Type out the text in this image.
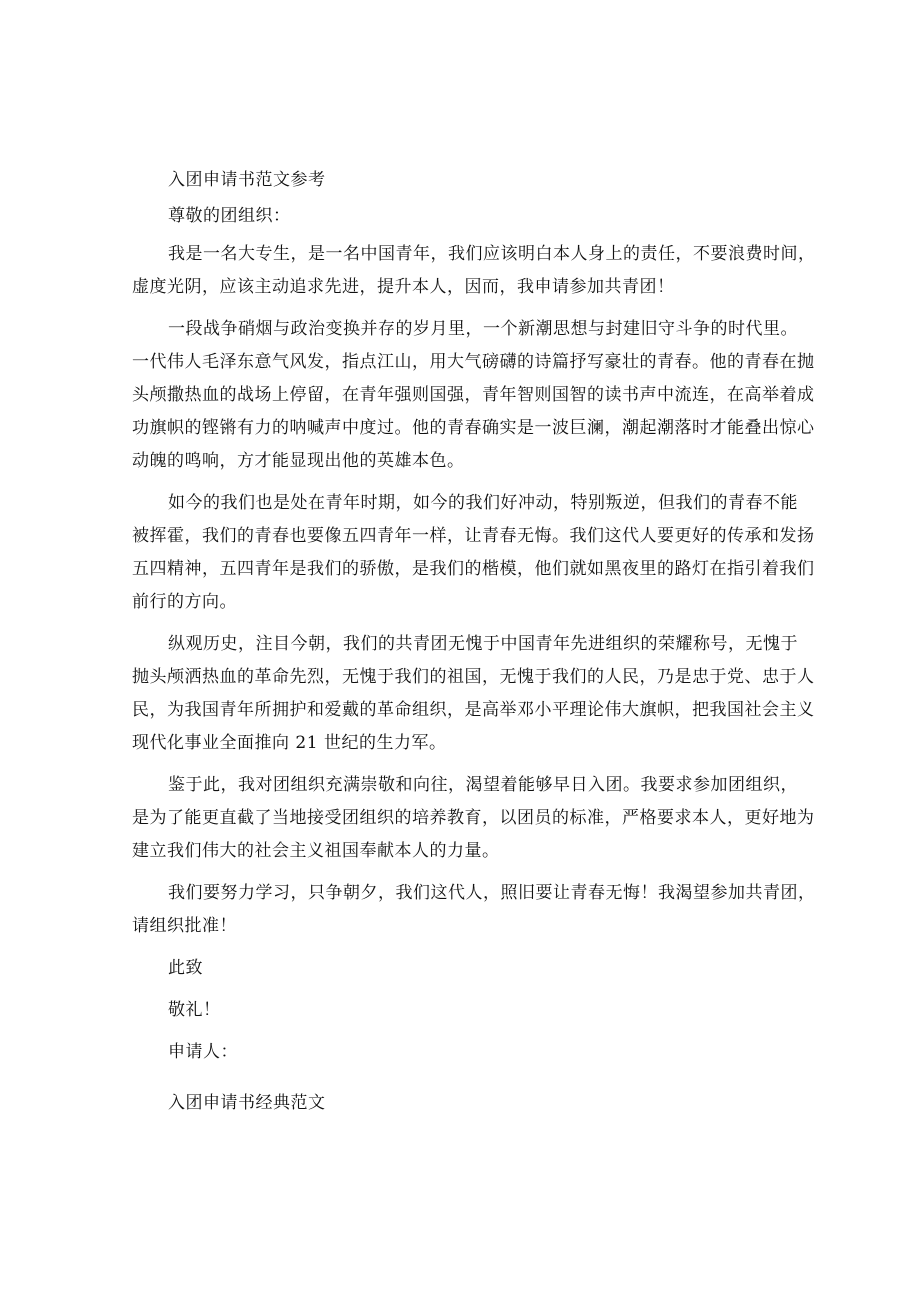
入团申请书范文参考
尊敬的团组织：
我是一名大专生，是一名中国青年，我们应该明白本人身上的责任，不要浪费时间，
虚度光阴，应该主动追求先进，提升本人，因而，我申请参加共青团！
一段战争硝烟与政治变换并存的岁月里，一个新潮思想与封建旧守斗争的时代里。
一代伟人毛泽东意气风发，指点江山，用大气磅礴的诗篇抒写豪壮的青春。他的青春在抛
头颅撒热血的战场上停留，在青年强则国强，青年智则国智的读书声中流连，在高举着成
功旗帜的铿锵有力的呐喊声中度过。他的青春确实是一波巨澜，潮起潮落时才能叠出惊心
动魄的鸣响，方才能显现出他的英雄本色。
如今的我们也是处在青年时期，如今的我们好冲动，特别叛逆，但我们的青春不能
被挥霍，我们的青春也要像五四青年一样，让青春无悔。我们这代人要更好的传承和发扬
五四精神，五四青年是我们的骄傲，是我们的楷模，他们就如黑夜里的路灯在指引着我们
前行的方向。
纵观历史，注目今朝，我们的共青团无愧于中国青年先进组织的荣耀称号，无愧于
抛头颅洒热血的革命先烈，无愧于我们的祖国，无愧于我们的人民，乃是忠于党、忠于人
民，为我国青年所拥护和爱戴的革命组织，是高举邓小平理论伟大旗帜，把我国社会主义
现代化事业全面推向 21 世纪的生力军。
鉴于此，我对团组织充满崇敬和向往，渴望着能够早日入团。我要求参加团组织，
是为了能更直截了当地接受团组织的培养教育，以团员的标准，严格要求本人，更好地为
建立我们伟大的社会主义祖国奉献本人的力量。
我们要努力学习，只争朝夕，我们这代人，照旧要让青春无悔！我渴望参加共青团，
请组织批准！
此致
敬礼！
申请人：
入团申请书经典范文
